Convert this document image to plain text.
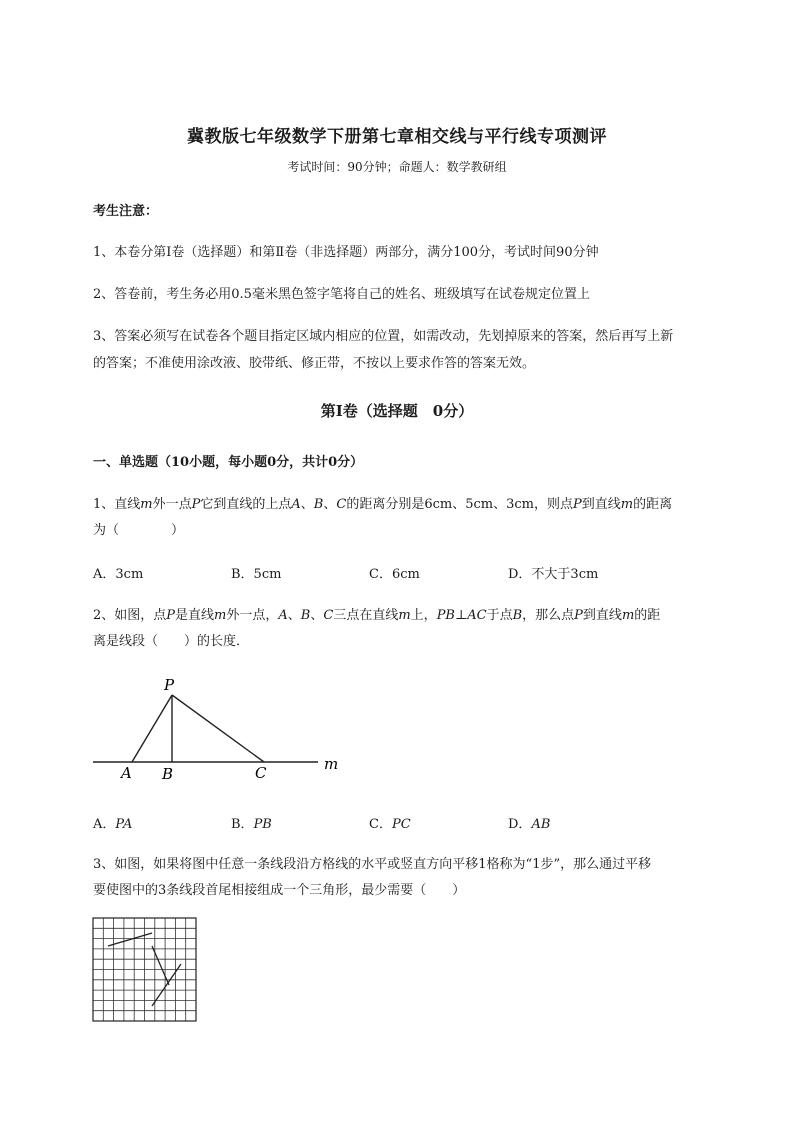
冀教版七年级数学下册第七章相交线与平行线专项测评
考试时间：90分钟；命题人：数学教研组
考生注意：
1、本卷分第I卷（选择题）和第Ⅱ卷（非选择题）两部分，满分100分，考试时间90分钟
2、答卷前，考生务必用0.5毫米黑色签字笔将自己的姓名、班级填写在试卷规定位置上
3、答案必须写在试卷各个题目指定区域内相应的位置，如需改动，先划掉原来的答案，然后再写上新
的答案；不准使用涂改液、胶带纸、修正带，不按以上要求作答的答案无效。
第I卷（选择题　0分）
一、单选题（10小题，每小题0分，共计0分）
1、直线m外一点P它到直线的上点A、B、C的距离分别是6cm、5cm、3cm，则点P到直线m的距离
为（　　　　）
A．3cm	B．5cm	C．6cm	D．不大于3cm
2、如图，点P是直线m外一点，A、B、C三点在直线m上，PB⊥AC于点B，那么点P到直线m的距
离是线段（　　）的长度．
P
A B	C	m
A．PA	B．PB	C．PC	D．AB
3、如图，如果将图中任意一条线段沿方格线的水平或竖直方向平移1格称为“1步”，那么通过平移
要使图中的3条线段首尾相接组成一个三角形，最少需要（　　）
